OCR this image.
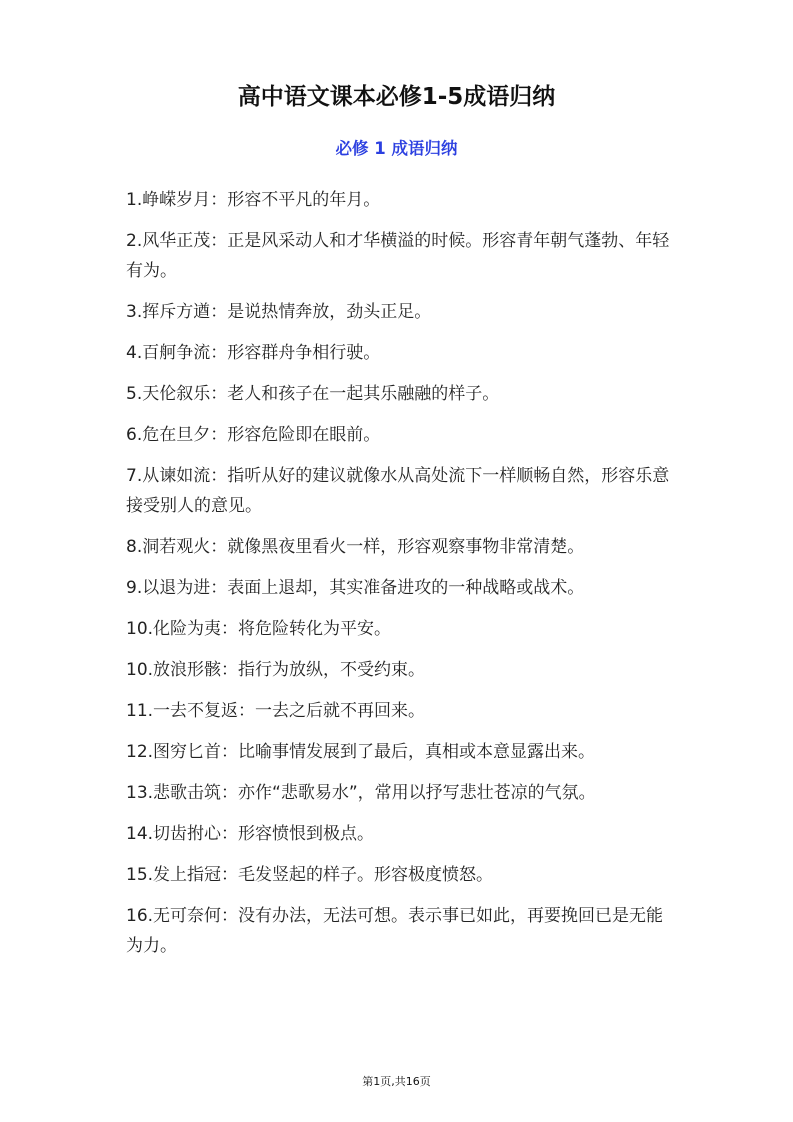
高中语文课本必修1-5成语归纳
必修 1 成语归纳
1.峥嵘岁月：形容不平凡的年月。
2.风华正茂：正是风采动人和才华横溢的时候。形容青年朝气蓬勃、年轻有为。
3.挥斥方遒：是说热情奔放，劲头正足。
4.百舸争流：形容群舟争相行驶。
5.天伦叙乐：老人和孩子在一起其乐融融的样子。
6.危在旦夕：形容危险即在眼前。
7.从谏如流：指听从好的建议就像水从高处流下一样顺畅自然，形容乐意接受别人的意见。
8.洞若观火：就像黑夜里看火一样，形容观察事物非常清楚。
9.以退为进：表面上退却，其实准备进攻的一种战略或战术。
10.化险为夷：将危险转化为平安。
10.放浪形骸：指行为放纵，不受约束。
11.一去不复返：一去之后就不再回来。
12.图穷匕首：比喻事情发展到了最后，真相或本意显露出来。
13.悲歌击筑：亦作“悲歌易水”，常用以抒写悲壮苍凉的气氛。
14.切齿拊心：形容愤恨到极点。
15.发上指冠：毛发竖起的样子。形容极度愤怒。
16.无可奈何：没有办法，无法可想。表示事已如此，再要挽回已是无能为力。
第1页,共16页
